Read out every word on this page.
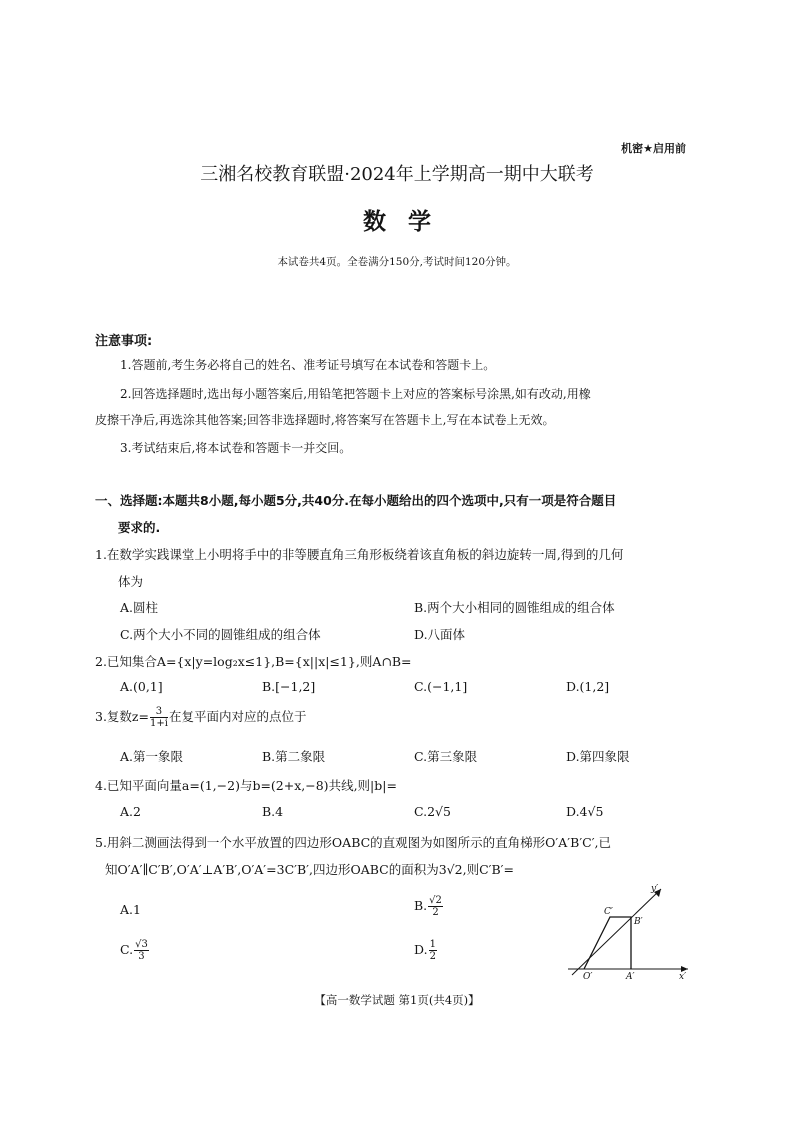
机密★启用前
三湘名校教育联盟·2024年上学期高一期中大联考
数学
本试卷共4页。全卷满分150分,考试时间120分钟。
注意事项:
1.答题前,考生务必将自己的姓名、准考证号填写在本试卷和答题卡上。
2.回答选择题时,选出每小题答案后,用铅笔把答题卡上对应的答案标号涂黑,如有改动,用橡
皮擦干净后,再选涂其他答案;回答非选择题时,将答案写在答题卡上,写在本试卷上无效。
3.考试结束后,将本试卷和答题卡一并交回。
一、选择题:本题共8小题,每小题5分,共40分.在每小题给出的四个选项中,只有一项是符合题目
要求的.
1.在数学实践课堂上小明将手中的非等腰直角三角形板绕着该直角板的斜边旋转一周,得到的几何
体为
A.圆柱	B.两个大小相同的圆锥组成的组合体
C.两个大小不同的圆锥组成的组合体	D.八面体
2.已知集合A={x|y=log₂x≤1},B={x||x|≤1},则A∩B=
A.(0,1]	B.[−1,2]	C.(−1,1]	D.(1,2]
3.复数$z= \frac{3}{1+i}$ 在复平面内对应的点位于
A.第一象限	B.第二象限	C.第三象限	D.第四象限
4.已知平面向量a=(1,−2)与b=(2+x,−8)共线,则|b|=
A.2	B.4	C.2√5	D.4√5
5.用斜二测画法得到一个水平放置的四边形OABC的直观图为如图所示的直角梯形O′A′B′C′,已
知O′A′∥C′B′,O′A′⊥A′B′,O′A′=3C′B′,四边形OABC的面积为3√2,则C′B′=
A.1	B. $\frac{√2}{2}$
C. $\frac{√3}{3}$	D. $\frac{1}{2}$
y′
x′
O′	A′
B′
C′
【高一数学试题 第1页(共4页)】
